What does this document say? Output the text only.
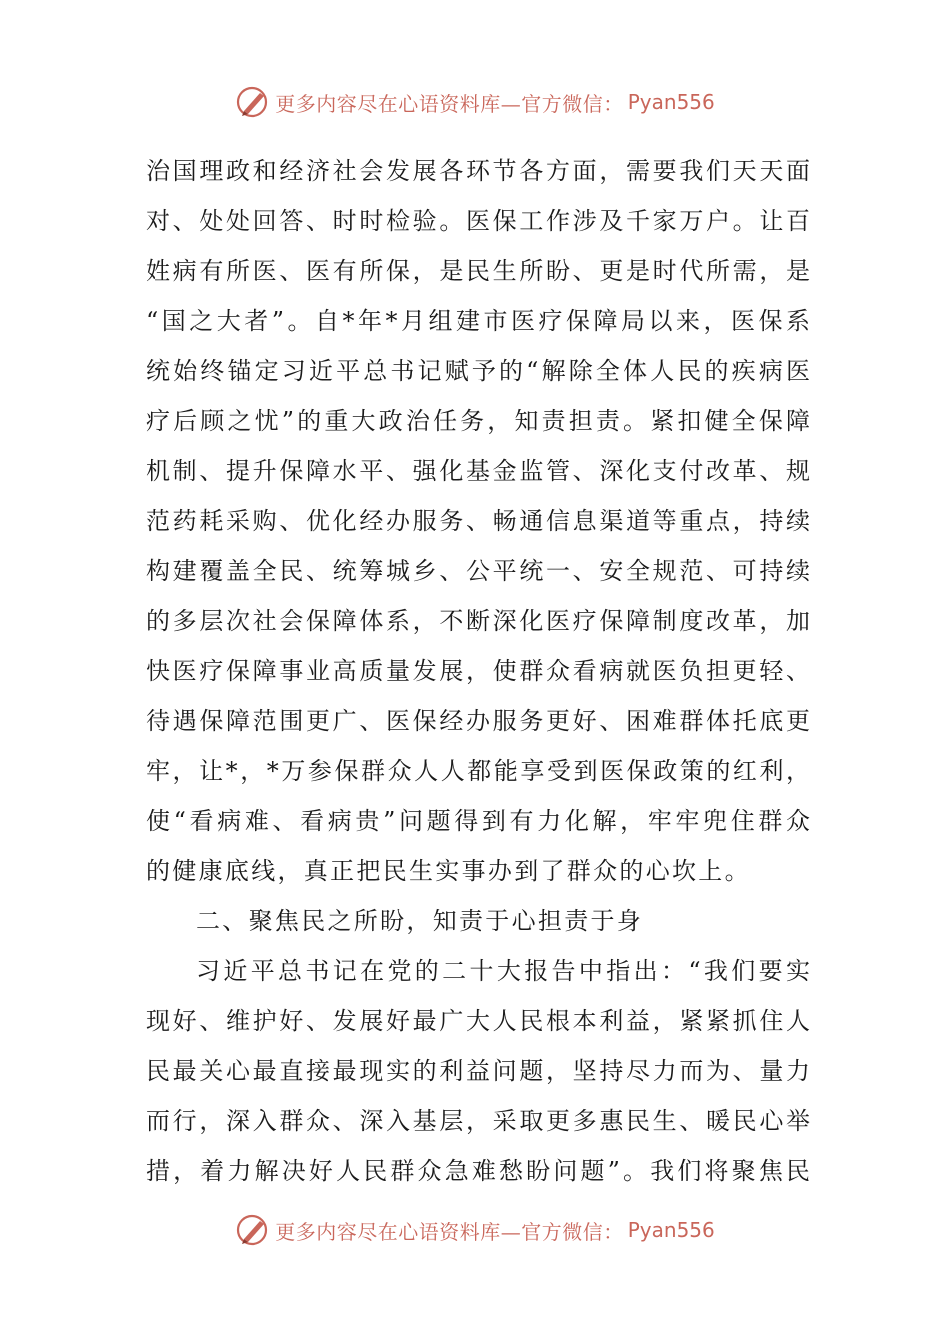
更多内容尽在心语资料库—官方微信： Pyan556
治国理政和经济社会发展各环节各方面，需要我们天天面
对、处处回答、时时检验。医保工作涉及千家万户。让百
姓病有所医、医有所保，是民生所盼、更是时代所需，是
“国之大者”。自*年*月组建市医疗保障局以来，医保系
统始终锚定习近平总书记赋予的“解除全体人民的疾病医
疗后顾之忧”的重大政治任务，知责担责。紧扣健全保障
机制、提升保障水平、强化基金监管、深化支付改革、规
范药耗采购、优化经办服务、畅通信息渠道等重点，持续
构建覆盖全民、统筹城乡、公平统一、安全规范、可持续
的多层次社会保障体系，不断深化医疗保障制度改革，加
快医疗保障事业高质量发展，使群众看病就医负担更轻、
待遇保障范围更广、医保经办服务更好、困难群体托底更
牢，让*，*万参保群众人人都能享受到医保政策的红利，
使“看病难、看病贵”问题得到有力化解，牢牢兜住群众
的健康底线，真正把民生实事办到了群众的心坎上。
二、聚焦民之所盼，知责于心担责于身
习近平总书记在党的二十大报告中指出：“我们要实
现好、维护好、发展好最广大人民根本利益，紧紧抓住人
民最关心最直接最现实的利益问题，坚持尽力而为、量力
而行，深入群众、深入基层，采取更多惠民生、暖民心举
措，着力解决好人民群众急难愁盼问题”。我们将聚焦民
更多内容尽在心语资料库—官方微信： Pyan556
